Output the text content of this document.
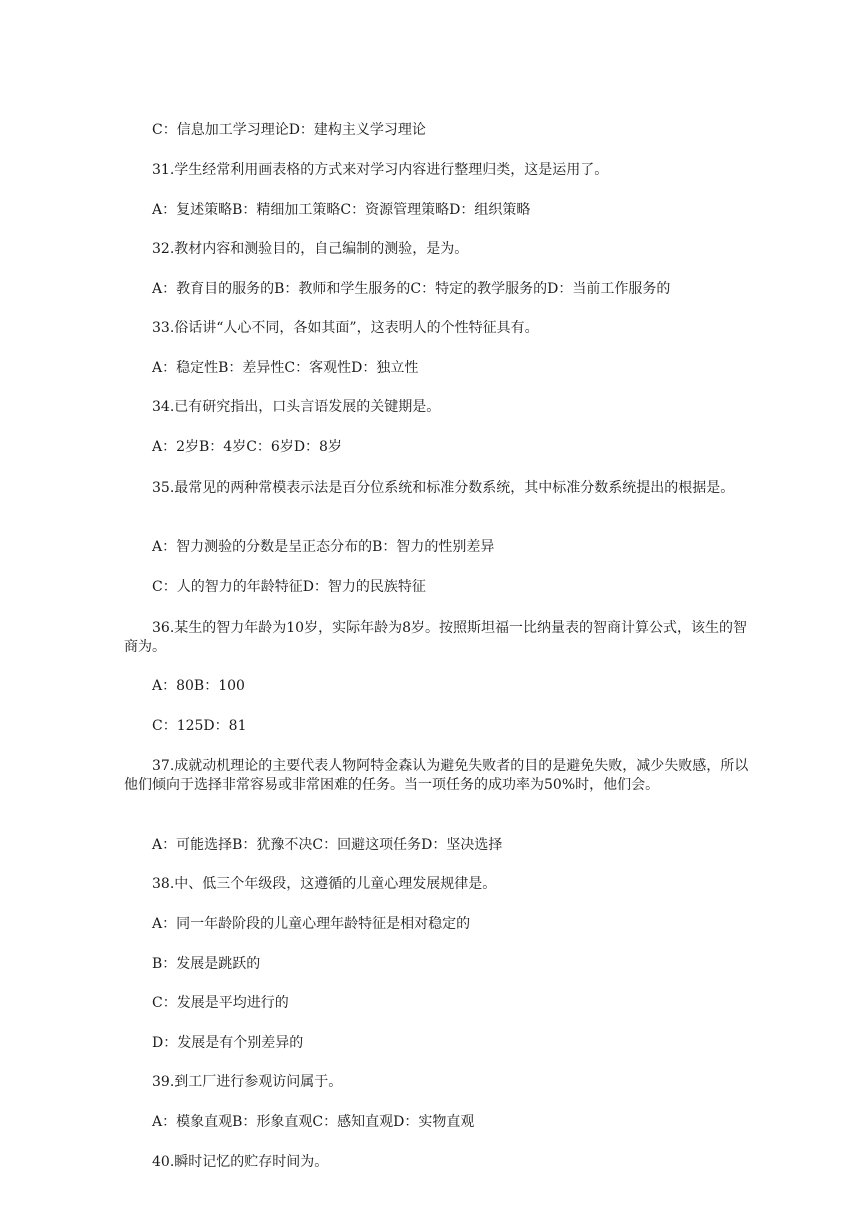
C：信息加工学习理论D：建构主义学习理论
31.学生经常利用画表格的方式来对学习内容进行整理归类，这是运用了。
A：复述策略B：精细加工策略C：资源管理策略D：组织策略
32.教材内容和测验目的，自己编制的测验，是为。
A：教育目的服务的B：教师和学生服务的C：特定的教学服务的D：当前工作服务的
33.俗话讲“人心不同，各如其面”，这表明人的个性特征具有。
A：稳定性B：差异性C：客观性D：独立性
34.已有研究指出，口头言语发展的关键期是。
A：2岁B：4岁C：6岁D：8岁
35.最常见的两种常模表示法是百分位系统和标准分数系统，其中标准分数系统提出的根据是。
A：智力测验的分数是呈正态分布的B：智力的性别差异
C：人的智力的年龄特征D：智力的民族特征
36.某生的智力年龄为10岁，实际年龄为8岁。按照斯坦福一比纳量表的智商计算公式，该生的智商为。
A：80B：100
C：125D：81
37.成就动机理论的主要代表人物阿特金森认为避免失败者的目的是避免失败，减少失败感，所以他们倾向于选择非常容易或非常困难的任务。当一项任务的成功率为50%时，他们会。
A：可能选择B：犹豫不决C：回避这项任务D：坚决选择
38.中、低三个年级段，这遵循的儿童心理发展规律是。
A：同一年龄阶段的儿童心理年龄特征是相对稳定的
B：发展是跳跃的
C：发展是平均进行的
D：发展是有个别差异的
39.到工厂进行参观访问属于。
A：模象直观B：形象直观C：感知直观D：实物直观
40.瞬时记忆的贮存时间为。
